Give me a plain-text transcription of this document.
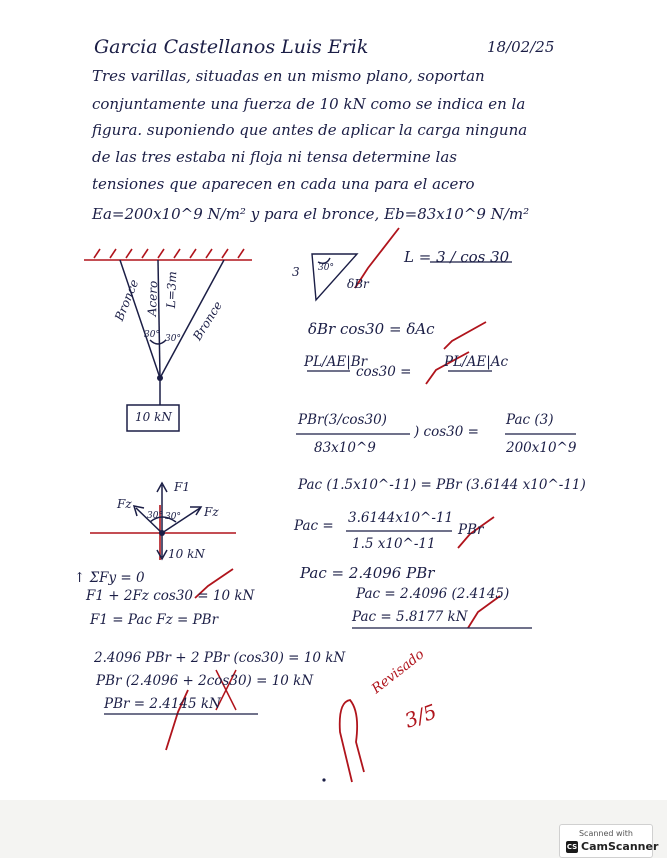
Garcia Castellanos Luis Erik	18/02/25
Tres varillas, situadas en un mismo plano, soportan
conjuntamente una fuerza de 10 kN como se indica en la
figura. suponiendo que antes de aplicar la carga ninguna
de las tres estaba ni floja ni tensa determine las
tensiones que aparecen en cada una para el acero
Ea=200x10^9 N/m² y para el bronce, Eb=83x10^9 N/m²
Bronce Acero L=3m
30° 30° Bronce
10 kN
3 30°
δBr
L = 3 / cos 30
δBr cos30 = δAc
PL/AE|Br
cos30 =
PL/AE|Ac
PBr(3/cos30)
83x10^9
) cos30 =
Pac (3)
200x10^9
Pac (1.5x10^-11) = PBr (3.6144 x10^-11)
Pac = 3.6144x10^-11
1.5 x10^-11
PBr
Pac = 2.4096 PBr
Pac = 2.4096 (2.4145)
Pac = 5.8177 kN
F1
Fz
Fz
30° 30°
10 kN
↑ ΣFy = 0
F1 + 2Fz cos30 = 10 kN
F1 = Pac Fz = PBr
2.4096 PBr + 2 PBr (cos30) = 10 kN
PBr (2.4096 + 2cos30) = 10 kN
PBr = 2.4145 kN
Revisado
3/5
Scanned with
CS CamScanner
